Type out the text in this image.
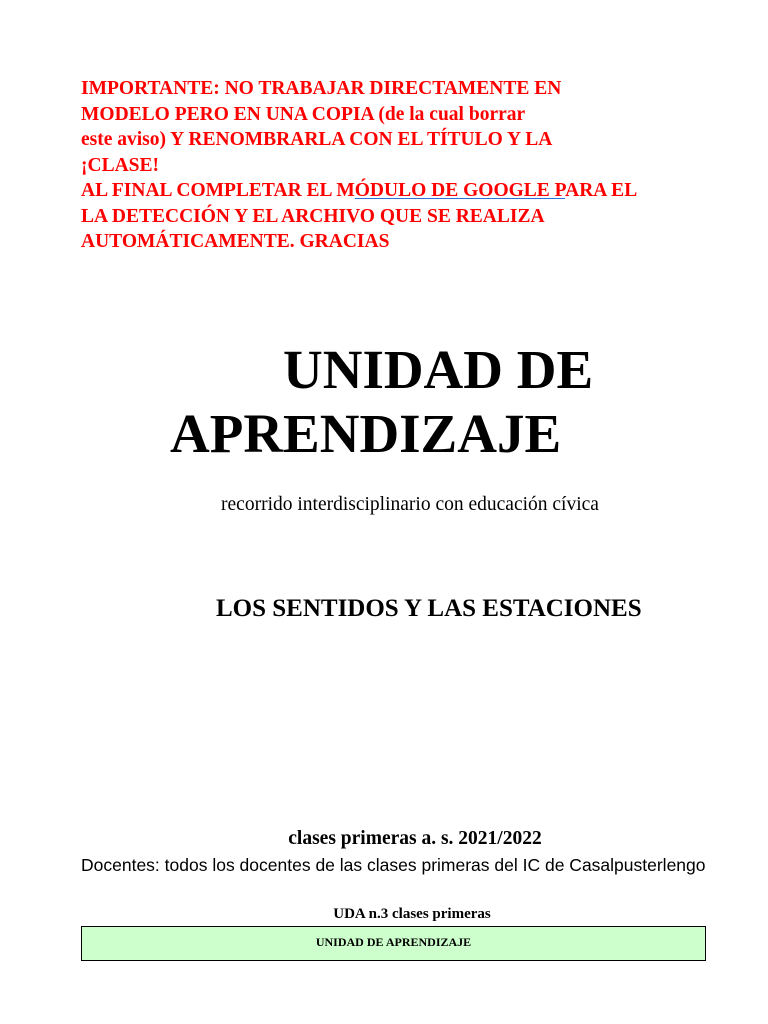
IMPORTANTE: NO TRABAJAR DIRECTAMENTE EN
MODELO PERO EN UNA COPIA (de la cual borrar
este aviso) Y RENOMBRARLA CON EL TÍTULO Y LA
¡CLASE!
AL FINAL COMPLETAR EL MÓDULO DE GOOGLE PARA EL
LA DETECCIÓN Y EL ARCHIVO QUE SE REALIZA
AUTOMÁTICAMENTE. GRACIAS
UNIDAD DE
APRENDIZAJE
recorrido interdisciplinario con educación cívica
LOS SENTIDOS Y LAS ESTACIONES
clases primeras a. s. 2021/2022
Docentes: todos los docentes de las clases primeras del IC de Casalpusterlengo
UDA n.3 clases primeras
UNIDAD DE APRENDIZAJE
